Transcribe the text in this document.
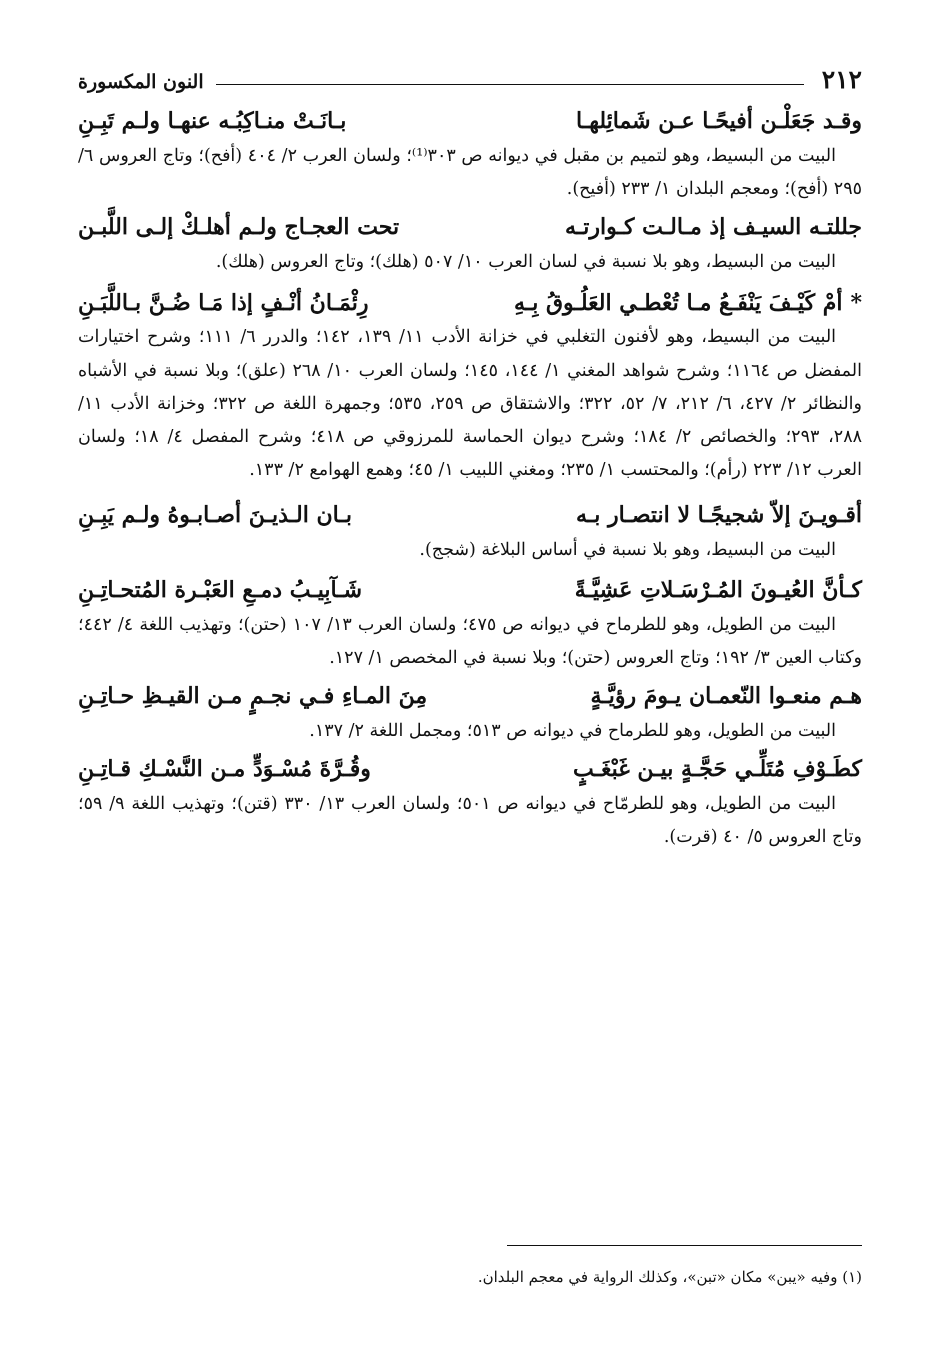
٢١٢
النون المكسورة
وقـد جَعَلْـن أفيحًـا عـن شَمائِلهـا
بـانَـتْ منـاكِبُـه عنهـا ولـم تَبِـنِ

البيت من البسيط، وهو لتميم بن مقبل في ديوانه ص ٣٠٣⁽¹⁾؛ ولسان العرب ٢/ ٤٠٤ (أفح)؛ وتاج العروس ٦/ ٢٩٥ (أفح)؛ ومعجم البلدان ١/ ٢٣٣ (أفيح).

جللتـه السيـف إذ مـالـت كـوارتـه
تحت العجـاج ولـم أهلـكْ إلـى اللَّبـن

البيت من البسيط، وهو بلا نسبة في لسان العرب ١٠/ ٥٠٧ (هلك)؛ وتاج العروس (هلك).

*أمْ كَيْـفَ يَنْفَـعُ مـا تُعْطـي العَلُـوقُ بِـهِ
رِئْمَـانُ أنْـفٍ إذا مَـا ضُـنَّ بـاللَّبَـنِ

البيت من البسيط، وهو لأفنون التغلبي في خزانة الأدب ١١/ ١٣٩، ١٤٢؛ والدرر ٦/ ١١١؛ وشرح اختيارات المفضل ص ١١٦٤؛ وشرح شواهد المغني ١/ ١٤٤، ١٤٥؛ ولسان العرب ١٠/ ٢٦٨ (علق)؛ وبلا نسبة في الأشباه والنظائر ٢/ ٤٢٧، ٦/ ٢١٢، ٧/ ٥٢، ٣٢٢؛ والاشتقاق ص ٢٥٩، ٥٣٥؛ وجمهرة اللغة ص ٣٢٢؛ وخزانة الأدب ١١/ ٢٨٨، ٢٩٣؛ والخصائص ٢/ ١٨٤؛ وشرح ديوان الحماسة للمرزوقي ص ٤١٨؛ وشرح المفصل ٤/ ١٨؛ ولسان العرب ١٢/ ٢٢٣ (رأم)؛ والمحتسب ١/ ٢٣٥؛ ومغني اللبيب ١/ ٤٥؛ وهمع الهوامع ٢/ ١٣٣.

أقـويـنَ إلاّ شجيجًـا لا انتصـار بـه
بـان الـذيـنَ أصـابـوهُ ولـم يَبِـنِ

البيت من البسيط، وهو بلا نسبة في أساس البلاغة (شجج).

كـأنَّ العُيـونَ المُـرْسَـلاتِ عَشِيَّـةً
شَـآبِيـبُ دمـعِ العَبْـرة المُتحـاتِـنِ

البيت من الطويل، وهو للطرماح في ديوانه ص ٤٧٥؛ ولسان العرب ١٣/ ١٠٧ (حتن)؛ وتهذيب اللغة ٤/ ٤٤٢؛ وكتاب العين ٣/ ١٩٢؛ وتاج العروس (حتن)؛ وبلا نسبة في المخصص ١/ ١٢٧.

هـم منعـوا النّعمـان يـومَ رؤيَّـةٍ
مِنَ المـاءِ فـي نجـمٍ مـن القيـظِ حـاتِـنِ

البيت من الطويل، وهو للطرماح في ديوانه ص ٥١٣؛ ومجمل اللغة ٢/ ١٣٧.

كطَـوْفِ مُتَلِّـي حَجَّـةٍ بيـن غَبْغَـبٍ
وقُـرَّةَ مُسْـوَدٍّ مـن النَّسْـكِ قـاتِـنِ

البيت من الطويل، وهو للطرمّاح في ديوانه ص ٥٠١؛ ولسان العرب ١٣/ ٣٣٠ (قتن)؛ وتهذيب اللغة ٩/ ٥٩؛ وتاج العروس ٥/ ٤٠ (قرت).

(١) وفيه «يبن» مكان «تبن»، وكذلك الرواية في معجم البلدان.
